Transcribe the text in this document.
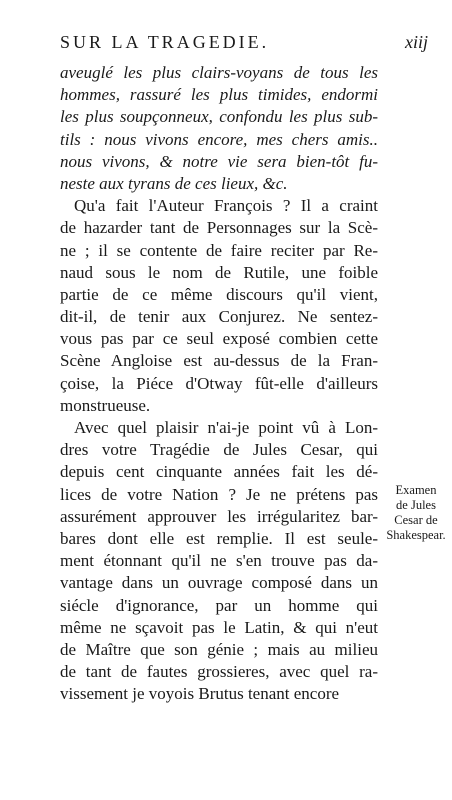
SUR LA TRAGEDIE.	xiij
aveuglé les plus clairs-voyans de tous les
hommes, rassuré les plus timides, endormi
les plus soupçonneux, confondu les plus sub-
tils : nous vivons encore, mes chers amis..
nous vivons, & notre vie sera bien-tôt fu-
neste aux tyrans de ces lieux, &c.
Qu'a fait l'Auteur François ? Il a craint
de hazarder tant de Personnages sur la Scè-
ne ; il se contente de faire reciter par Re-
naud sous le nom de Rutile, une foible
partie de ce même discours qu'il vient,
dit-il, de tenir aux Conjurez. Ne sentez-
vous pas par ce seul exposé combien cette
Scène Angloise est au-dessus de la Fran-
çoise, la Piéce d'Otway fût-elle d'ailleurs
monstrueuse.
Avec quel plaisir n'ai-je point vû à Lon-
dres votre Tragédie de Jules Cesar, qui
depuis cent cinquante années fait les dé-
lices de votre Nation ? Je ne prétens pas
assurément approuver les irrégularitez bar-
bares dont elle est remplie. Il est seule-
ment étonnant qu'il ne s'en trouve pas da-
vantage dans un ouvrage composé dans un
siécle d'ignorance, par un homme qui
même ne sçavoit pas le Latin, & qui n'eut
de Maître que son génie ; mais au milieu
de tant de fautes grossieres, avec quel ra-
vissement je voyois Brutus tenant encore
Examen
de Jules
Cesar de
Shakespear.
